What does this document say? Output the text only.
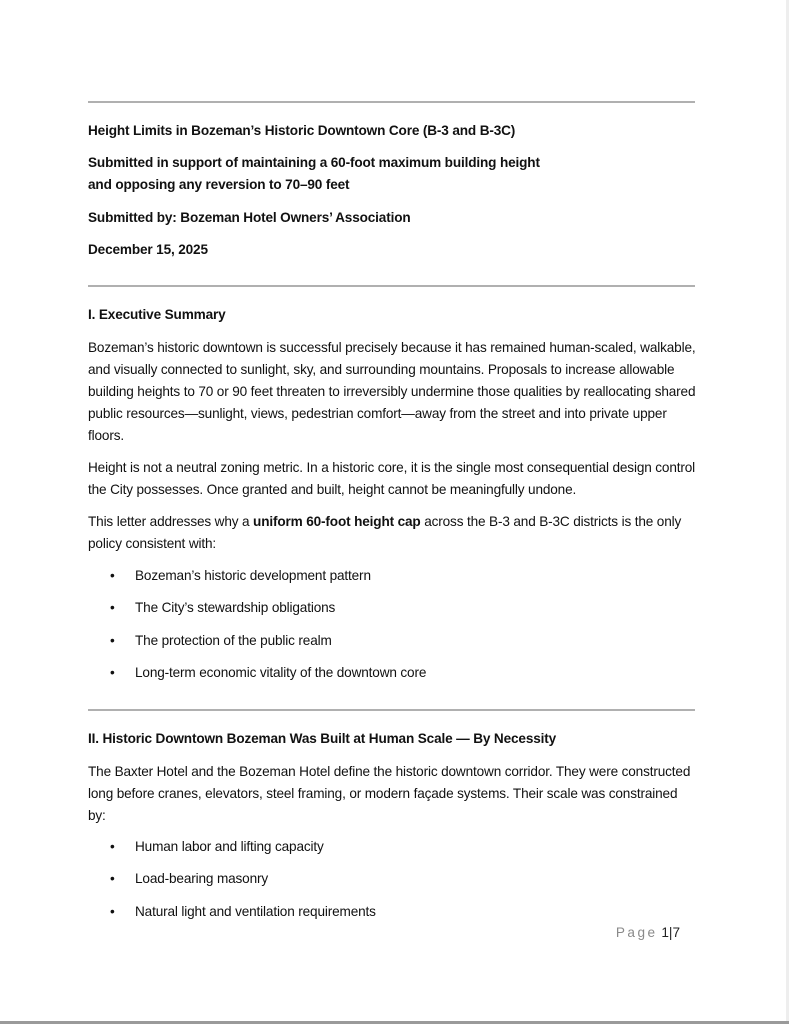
Height Limits in Bozeman’s Historic Downtown Core (B-3 and B-3C)
Submitted in support of maintaining a 60-foot maximum building height
and opposing any reversion to 70–90 feet
Submitted by: Bozeman Hotel Owners’ Association
December 15, 2025
I. Executive Summary
Bozeman’s historic downtown is successful precisely because it has remained human-scaled, walkable, and visually connected to sunlight, sky, and surrounding mountains. Proposals to increase allowable building heights to 70 or 90 feet threaten to irreversibly undermine those qualities by reallocating shared public resources—sunlight, views, pedestrian comfort—away from the street and into private upper floors.
Height is not a neutral zoning metric. In a historic core, it is the single most consequential design control the City possesses. Once granted and built, height cannot be meaningfully undone.
This letter addresses why a uniform 60-foot height cap across the B-3 and B-3C districts is the only policy consistent with:
• Bozeman’s historic development pattern
• The City’s stewardship obligations
• The protection of the public realm
• Long-term economic vitality of the downtown core
II. Historic Downtown Bozeman Was Built at Human Scale — By Necessity
The Baxter Hotel and the Bozeman Hotel define the historic downtown corridor. They were constructed long before cranes, elevators, steel framing, or modern façade systems. Their scale was constrained by:
• Human labor and lifting capacity
• Load-bearing masonry
• Natural light and ventilation requirements
Page 1|7
